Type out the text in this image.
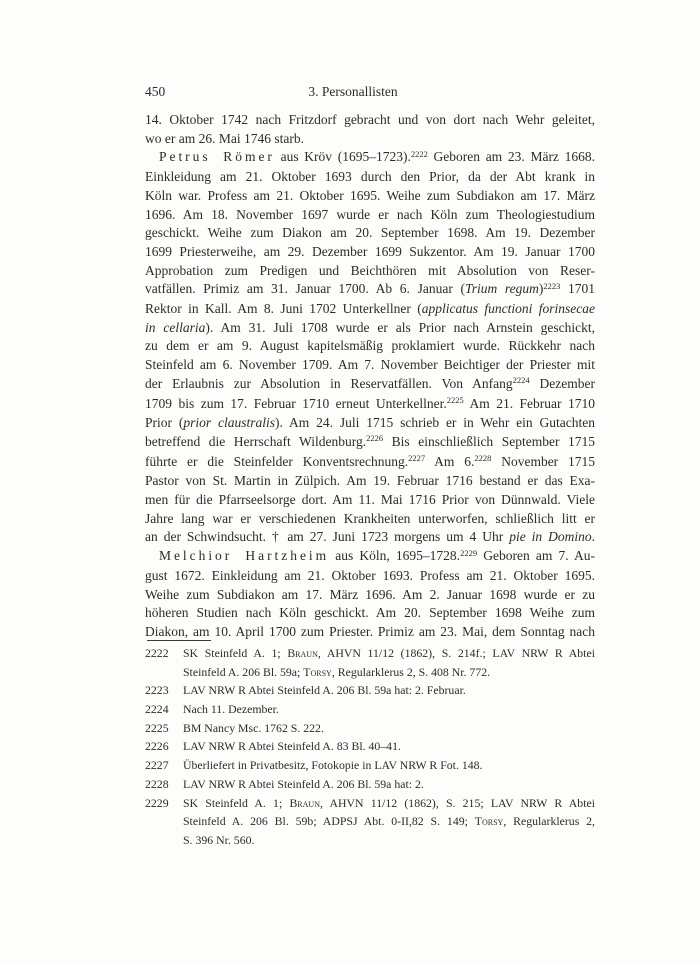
450	3. Personallisten
14. Oktober 1742 nach Fritzdorf gebracht und von dort nach Wehr geleitet,
wo er am 26. Mai 1746 starb.
Petrus Römer aus Kröv (1695–1723).$^{2222}$ Geboren am 23. März 1668.
Einkleidung am 21. Oktober 1693 durch den Prior, da der Abt krank in
Köln war. Profess am 21. Oktober 1695. Weihe zum Subdiakon am 17. März
1696. Am 18. November 1697 wurde er nach Köln zum Theologiestudium
geschickt. Weihe zum Diakon am 20. September 1698. Am 19. Dezember
1699 Priesterweihe, am 29. Dezember 1699 Sukzentor. Am 19. Januar 1700
Approbation zum Predigen und Beichthören mit Absolution von Reser-
vatfällen. Primiz am 31. Januar 1700. Ab 6. Januar (Trium regum)$^{2223}$ 1701
Rektor in Kall. Am 8. Juni 1702 Unterkellner (applicatus functioni forinsecae
in cellaria). Am 31. Juli 1708 wurde er als Prior nach Arnstein geschickt,
zu dem er am 9. August kapitelsmäßig proklamiert wurde. Rückkehr nach
Steinfeld am 6. November 1709. Am 7. November Beichtiger der Priester mit
der Erlaubnis zur Absolution in Reservatfällen. Von Anfang$^{2224}$ Dezember
1709 bis zum 17. Februar 1710 erneut Unterkellner.$^{2225}$ Am 21. Februar 1710
Prior (prior claustralis). Am 24. Juli 1715 schrieb er in Wehr ein Gutachten
betreffend die Herrschaft Wildenburg.$^{2226}$ Bis einschließlich September 1715
führte er die Steinfelder Konventsrechnung.$^{2227}$ Am 6.$^{2228}$ November 1715
Pastor von St. Martin in Zülpich. Am 19. Februar 1716 bestand er das Exa-
men für die Pfarrseelsorge dort. Am 11. Mai 1716 Prior von Dünnwald. Viele
Jahre lang war er verschiedenen Krankheiten unterworfen, schließlich litt er
an der Schwindsucht. † am 27. Juni 1723 morgens um 4 Uhr pie in Domino.
Melchior Hartzheim aus Köln, 1695–1728.$^{2229}$ Geboren am 7. Au-
gust 1672. Einkleidung am 21. Oktober 1693. Profess am 21. Oktober 1695.
Weihe zum Subdiakon am 17. März 1696. Am 2. Januar 1698 wurde er zu
höheren Studien nach Köln geschickt. Am 20. September 1698 Weihe zum
Diakon, am 10. April 1700 zum Priester. Primiz am 23. Mai, dem Sonntag nach
2222	SK Steinfeld A. 1; Braun, AHVN 11/12 (1862), S. 214f.; LAV NRW R Abtei
Steinfeld A. 206 Bl. 59a; Torsy, Regularklerus 2, S. 408 Nr. 772.
2223	LAV NRW R Abtei Steinfeld A. 206 Bl. 59a hat: 2. Februar.
2224	Nach 11. Dezember.
2225	BM Nancy Msc. 1762 S. 222.
2226	LAV NRW R Abtei Steinfeld A. 83 Bl. 40–41.
2227	Überliefert in Privatbesitz, Fotokopie in LAV NRW R Fot. 148.
2228	LAV NRW R Abtei Steinfeld A. 206 Bl. 59a hat: 2.
2229	SK Steinfeld A. 1; Braun, AHVN 11/12 (1862), S. 215; LAV NRW R Abtei
Steinfeld A. 206 Bl. 59b; ADPSJ Abt. 0-II,82 S. 149; Torsy, Regularklerus 2,
S. 396 Nr. 560.
